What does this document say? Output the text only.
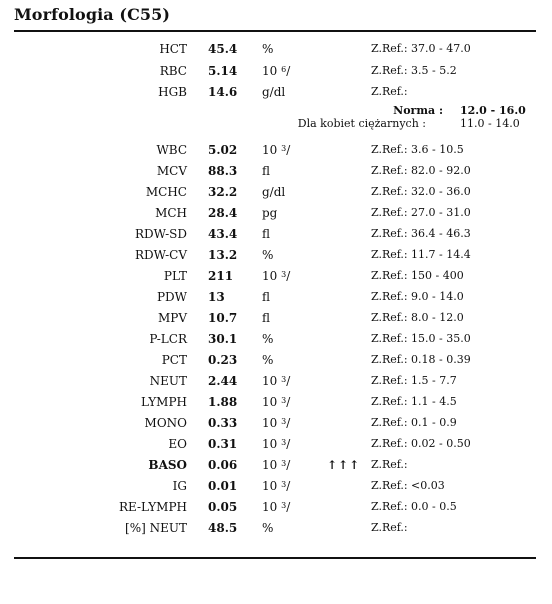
Morfologia (C55)
HCT 45.4 %	Z.Ref.: 37.0 - 47.0
RBC 5.14 10 $^6$/	Z.Ref.: 3.5 - 5.2
HGB 14.6 g/dl	Z.Ref.:
WBC 5.02 10 $^3$/	Z.Ref.: 3.6 - 10.5
MCV 88.3 fl	Z.Ref.: 82.0 - 92.0
MCHC 32.2 g/dl	Z.Ref.: 32.0 - 36.0
MCH 28.4 pg	Z.Ref.: 27.0 - 31.0
RDW-SD 43.4 fl	Z.Ref.: 36.4 - 46.3
RDW-CV 13.2 %	Z.Ref.: 11.7 - 14.4
PLT 211 10 $^3$/	Z.Ref.: 150 - 400
PDW 13	fl	Z.Ref.: 9.0 - 14.0
MPV 10.7 fl	Z.Ref.: 8.0 - 12.0
P-LCR 30.1 %	Z.Ref.: 15.0 - 35.0
PCT 0.23 %	Z.Ref.: 0.18 - 0.39
NEUT 2.44 10 $^3$/	Z.Ref.: 1.5 - 7.7
LYMPH 1.88 10 $^3$/	Z.Ref.: 1.1 - 4.5
MONO 0.33 10 $^3$/	Z.Ref.: 0.1 - 0.9
EO 0.31 10 $^3$/	Z.Ref.: 0.02 - 0.50
BASO 0.06 10 $^3$/	↑↑↑ Z.Ref.:
IG 0.01 10 $^3$/	Z.Ref.: <0.03
RE-LYMPH 0.05 10 $^3$/	Z.Ref.: 0.0 - 0.5
[%] NEUT 48.5 %	Z.Ref.:
Norma : 12.0 - 16.0
Dla kobiet ciężarnych :	11.0 - 14.0
